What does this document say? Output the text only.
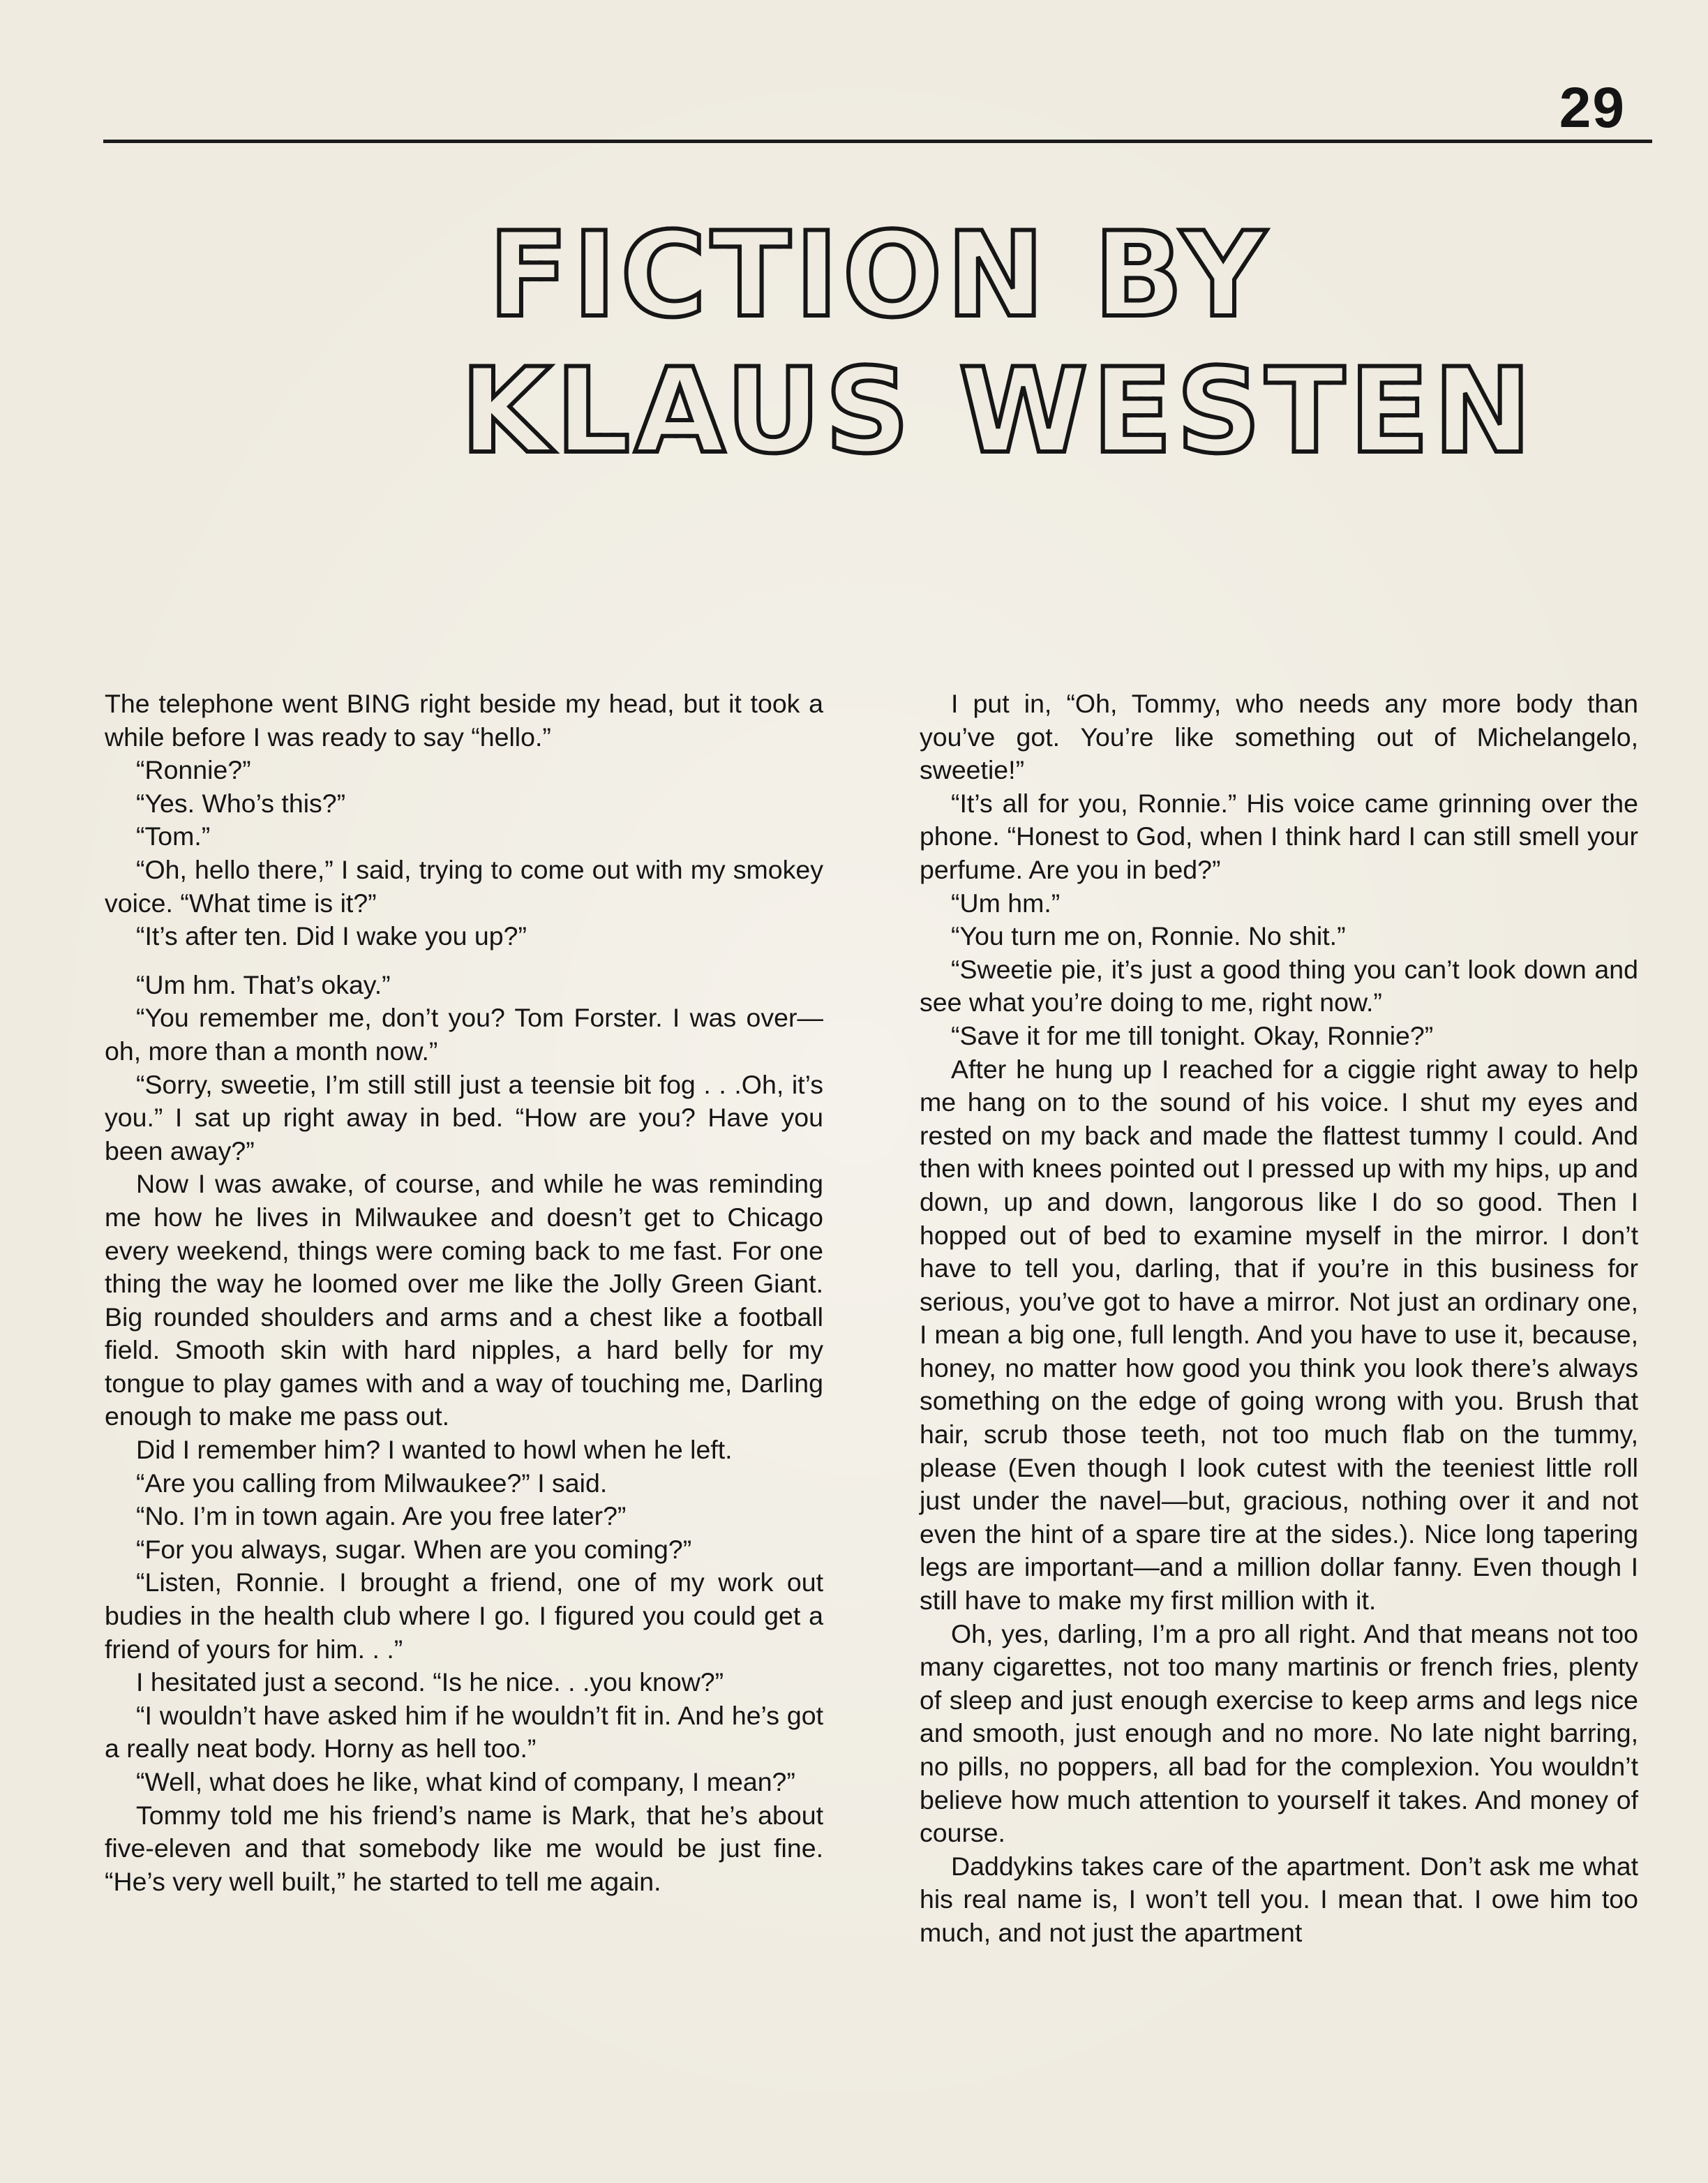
29
FICTION BY
KLAUS WESTEN

The telephone went BING right beside my head, but it took a while before I was ready to say “hello.”

“Ronnie?”

“Yes. Who’s this?”

“Tom.”

“Oh, hello there,” I said, trying to come out with my smokey voice. “What time is it?”

“It’s after ten. Did I wake you up?”

“Um hm. That’s okay.”

“You remember me, don’t you? Tom Forster. I was over—oh, more than a month now.”

“Sorry, sweetie, I’m still still just a teensie bit fog . . .Oh, it’s you.” I sat up right away in bed. “How are you? Have you been away?”

Now I was awake, of course, and while he was reminding me how he lives in Milwaukee and doesn’t get to Chicago every weekend, things were coming back to me fast. For one thing the way he loomed over me like the Jolly Green Giant. Big rounded shoulders and arms and a chest like a football field. Smooth skin with hard nipples, a hard belly for my tongue to play games with and a way of touching me, Darling enough to make me pass out.

Did I remember him? I wanted to howl when he left.

“Are you calling from Milwaukee?” I said.

“No. I’m in town again. Are you free later?”

“For you always, sugar. When are you coming?”

“Listen, Ronnie. I brought a friend, one of my work out budies in the health club where I go. I figured you could get a friend of yours for him. . .”

I hesitated just a second. “Is he nice. . .you know?”

“I wouldn’t have asked him if he wouldn’t fit in. And he’s got a really neat body. Horny as hell too.”

“Well, what does he like, what kind of company, I mean?”

Tommy told me his friend’s name is Mark, that he’s about five-eleven and that somebody like me would be just fine. “He’s very well built,” he started to tell me again.

I put in, “Oh, Tommy, who needs any more body than you’ve got. You’re like something out of Michelangelo, sweetie!”

“It’s all for you, Ronnie.” His voice came grinning over the phone. “Honest to God, when I think hard I can still smell your perfume. Are you in bed?”

“Um hm.”

“You turn me on, Ronnie. No shit.”

“Sweetie pie, it’s just a good thing you can’t look down and see what you’re doing to me, right now.”

“Save it for me till tonight. Okay, Ronnie?”

After he hung up I reached for a ciggie right away to help me hang on to the sound of his voice. I shut my eyes and rested on my back and made the flattest tummy I could. And then with knees pointed out I pressed up with my hips, up and down, up and down, langorous like I do so good. Then I hopped out of bed to examine myself in the mirror. I don’t have to tell you, darling, that if you’re in this business for serious, you’ve got to have a mirror. Not just an ordinary one, I mean a big one, full length. And you have to use it, because, honey, no matter how good you think you look there’s always something on the edge of going wrong with you. Brush that hair, scrub those teeth, not too much flab on the tummy, please (Even though I look cutest with the teeniest little roll just under the navel—but, gracious, nothing over it and not even the hint of a spare tire at the sides.). Nice long tapering legs are important—and a million dollar fanny. Even though I still have to make my first million with it.

Oh, yes, darling, I’m a pro all right. And that means not too many cigarettes, not too many martinis or french fries, plenty of sleep and just enough exercise to keep arms and legs nice and smooth, just enough and no more. No late night barring, no pills, no poppers, all bad for the complexion. You wouldn’t believe how much attention to yourself it takes. And money of course.

Daddykins takes care of the apartment. Don’t ask me what his real name is, I won’t tell you. I mean that. I owe him too much, and not just the apartment
